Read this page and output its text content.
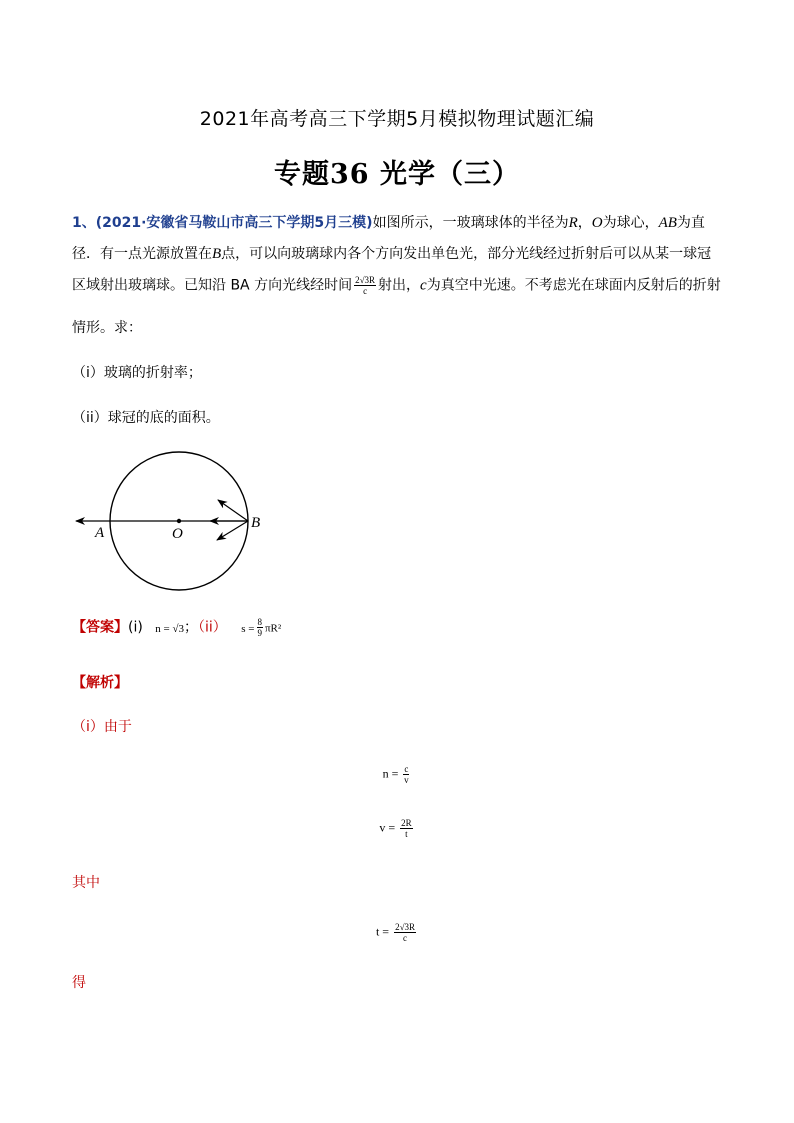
2021年高考高三下学期5月模拟物理试题汇编
专题36 光学（三）
1、(2021·安徽省马鞍山市高三下学期5月三模)如图所示，一玻璃球体的半径为R，O为球心，AB为直
径．有一点光源放置在B点，可以向玻璃球内各个方向发出单色光，部分光线经过折射后可以从某一球冠
区域射出玻璃球。已知沿 BA 方向光线经时间 $\frac{2√3R}{c}$ 射出，c为真空中光速。不考虑光在球面内反射后的折射
情形。求：
（i）玻璃的折射率；
（ii）球冠的底的面积。
A	O
B
【答案】(i) n = √3；（ii） $s = \frac{8}{9} \pi R^2$
【解析】
（i）由于
$n = \frac{c}{v}$
$v = \frac{2R}{t}$
其中
$t = \frac{2√3R}{c}$
得
